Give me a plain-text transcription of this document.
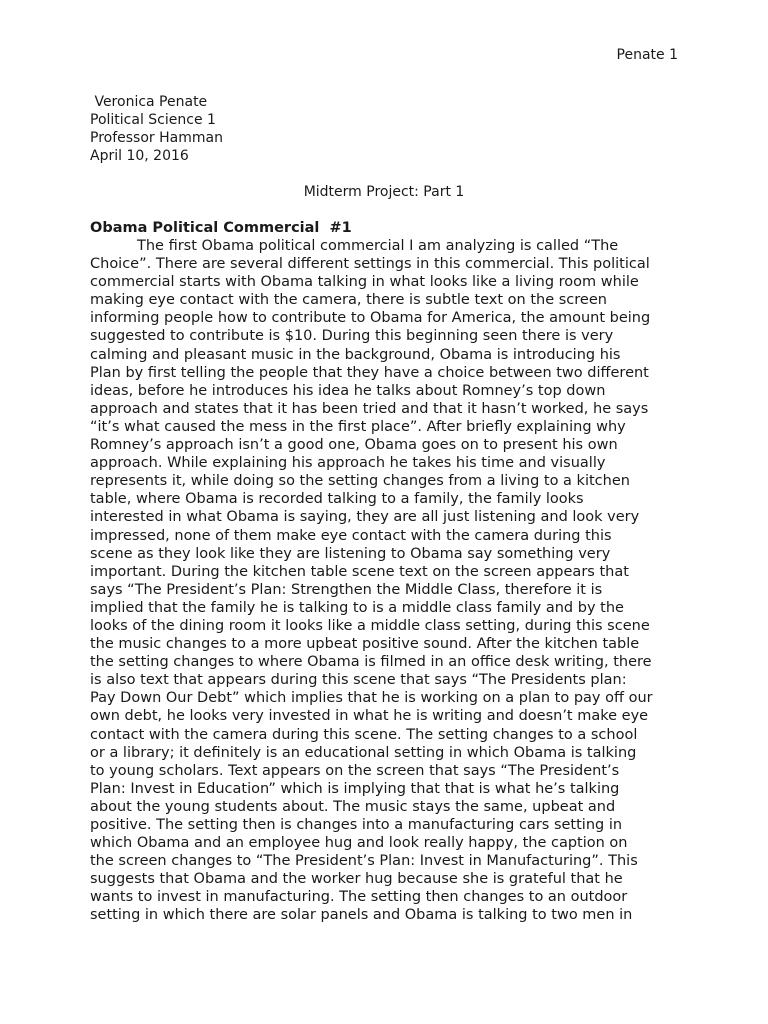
Penate 1
Veronica Penate
Political Science 1
Professor Hamman
April 10, 2016
Midterm Project: Part 1
Obama Political Commercial  #1
The first Obama political commercial I am analyzing is called “The
Choice”. There are several different settings in this commercial. This political
commercial starts with Obama talking in what looks like a living room while
making eye contact with the camera, there is subtle text on the screen
informing people how to contribute to Obama for America, the amount being
suggested to contribute is $10. During this beginning seen there is very
calming and pleasant music in the background, Obama is introducing his
Plan by first telling the people that they have a choice between two different
ideas, before he introduces his idea he talks about Romney’s top down
approach and states that it has been tried and that it hasn’t worked, he says
“it’s what caused the mess in the first place”. After briefly explaining why
Romney’s approach isn’t a good one, Obama goes on to present his own
approach. While explaining his approach he takes his time and visually
represents it, while doing so the setting changes from a living to a kitchen
table, where Obama is recorded talking to a family, the family looks
interested in what Obama is saying, they are all just listening and look very
impressed, none of them make eye contact with the camera during this
scene as they look like they are listening to Obama say something very
important. During the kitchen table scene text on the screen appears that
says “The President’s Plan: Strengthen the Middle Class, therefore it is
implied that the family he is talking to is a middle class family and by the
looks of the dining room it looks like a middle class setting, during this scene
the music changes to a more upbeat positive sound. After the kitchen table
the setting changes to where Obama is filmed in an office desk writing, there
is also text that appears during this scene that says “The Presidents plan:
Pay Down Our Debt” which implies that he is working on a plan to pay off our
own debt, he looks very invested in what he is writing and doesn’t make eye
contact with the camera during this scene. The setting changes to a school
or a library; it definitely is an educational setting in which Obama is talking
to young scholars. Text appears on the screen that says “The President’s
Plan: Invest in Education” which is implying that that is what he’s talking
about the young students about. The music stays the same, upbeat and
positive. The setting then is changes into a manufacturing cars setting in
which Obama and an employee hug and look really happy, the caption on
the screen changes to “The President’s Plan: Invest in Manufacturing”. This
suggests that Obama and the worker hug because she is grateful that he
wants to invest in manufacturing. The setting then changes to an outdoor
setting in which there are solar panels and Obama is talking to two men in
